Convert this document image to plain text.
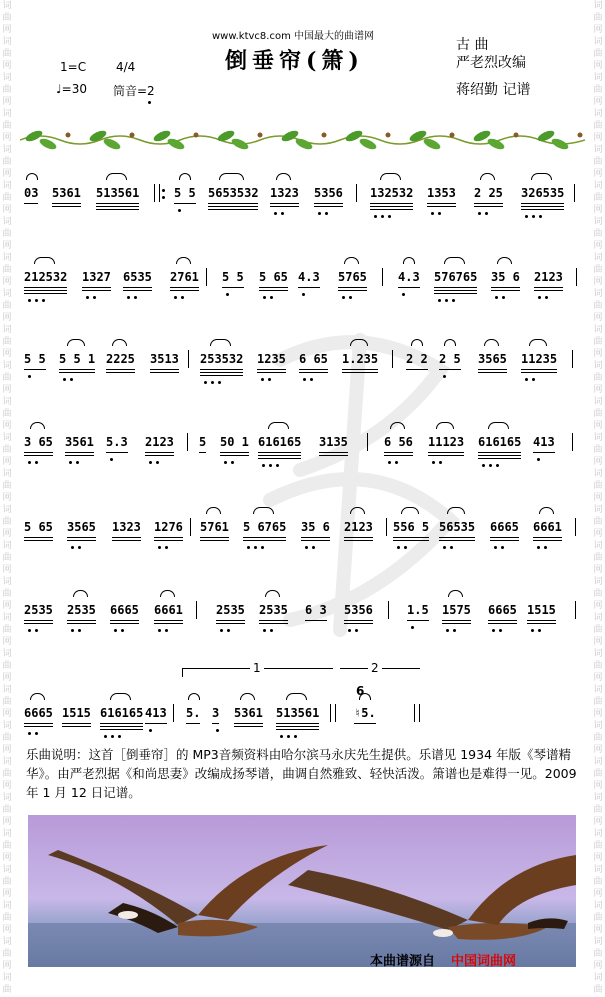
词
曲
网
词
曲
网
词
曲
网
词
曲
网
词
曲
网
词
曲
网
词
曲
网
词
曲
网
词
曲
网
词
曲
网
词
曲
网
词
曲
网
词
曲
网
词
曲
网
词
曲
网
词
曲
网
词
曲
网
词
曲
网
词
曲
网
词
曲
网
词
曲
网
词
曲
网
词
曲
网
词
曲
网
词
曲
网
词
曲
网
词
曲
网
词
曲
词
曲
网
词
曲
网
词
曲
网
词
曲
网
词
曲
网
词
曲
网
词
曲
网
词
曲
网
词
曲
网
词
曲
网
词
曲
网
词
曲
网
词
曲
网
词
曲
网
词
曲
网
词
曲
网
词
曲
网
词
曲
网
词
曲
网
词
曲
网
词
曲
网
词
曲
网
词
曲
网
词
曲
网
词
曲
网
词
曲
网
词
曲
网
词
曲
www.ktvc8.com 中国最大的曲谱网
倒垂帘(箫)
1=C 4/4
♩=30 筒音=2
古 曲
严老烈改编
蒋绍勤 记谱
03 5361 513561	5 5 5653532 1323 5356 132532 1353 2 25 326535
212532 1327 6535 2761 5 5 5 65 4.3 5765	4.3 576765 35 6 2123
5 5 5 5 1 2225 3513 253532 1235 6 65 1.235 2 2 2 5 3565 11235
3 65 3561 5.3 2123 5 50 1 616165 3135	6 56 11123 616165 413
5 65 3565 1323 1276 5761 5 6765 35 6 2123 556 5 56535 6665 6661
2535 2535 6665 6661	2535 2535 6 3 5356	1.5 1575 6665 1515
6665 1515 616165 413 5. 3 5361 513561	♮5.
1	2
6
乐曲说明：这首［倒垂帘］的 MP3音频资料由哈尔滨马永庆先生提供。乐谱见 1934 年版《琴谱精华》。由严老烈据《和尚思妻》改编成扬琴谱，曲调自然雅致、轻快活泼。箫谱也是难得一见。2009 年 1 月 12 日记谱。
本曲谱源自 中国词曲网
